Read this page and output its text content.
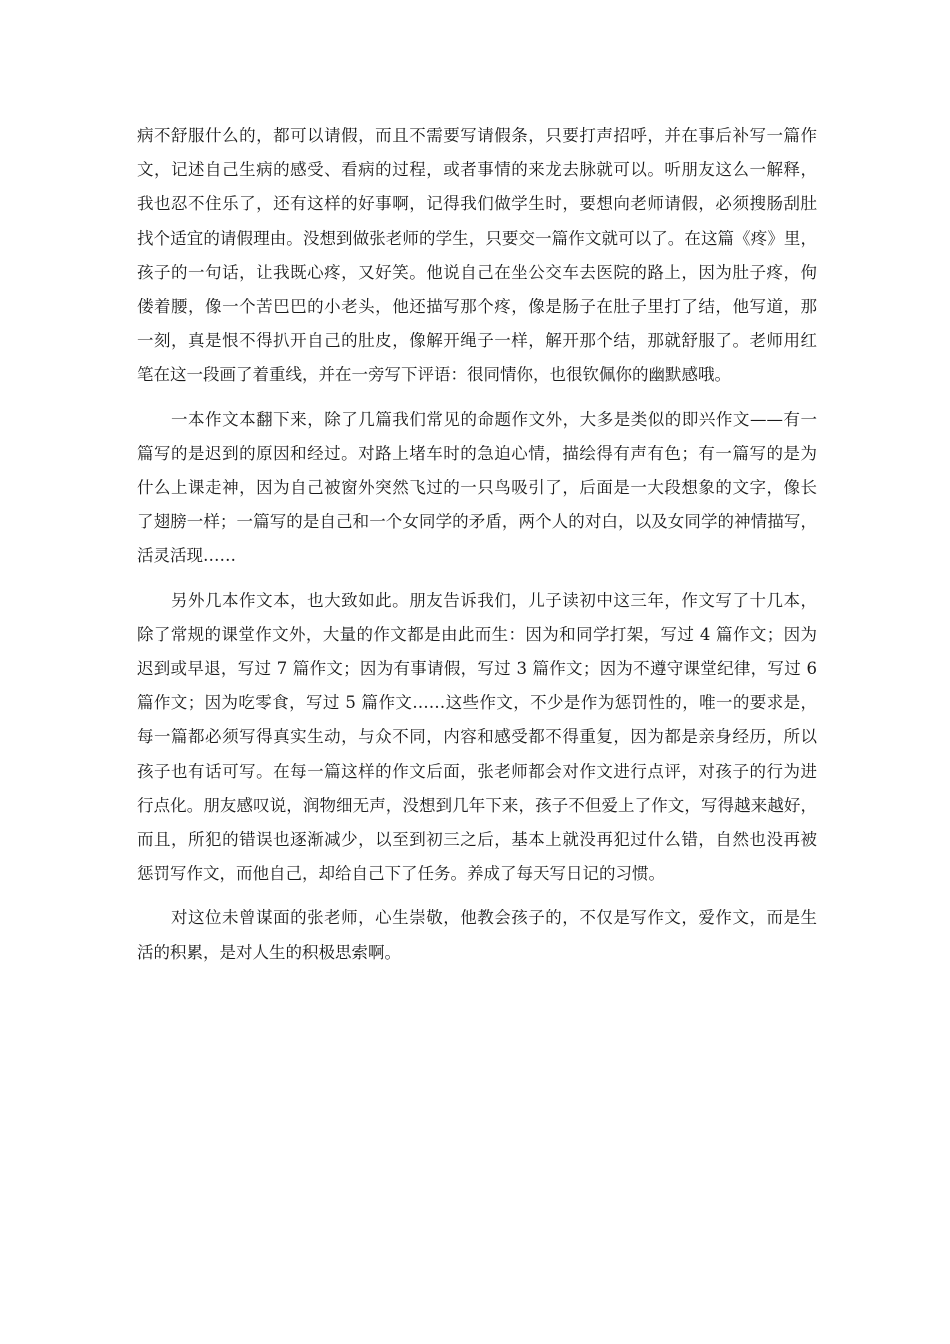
病不舒服什么的，都可以请假，而且不需要写请假条，只要打声招呼，并在事后补写一篇作
文，记述自己生病的感受、看病的过程，或者事情的来龙去脉就可以。听朋友这么一解释，
我也忍不住乐了，还有这样的好事啊，记得我们做学生时，要想向老师请假，必须搜肠刮肚
找个适宜的请假理由。没想到做张老师的学生，只要交一篇作文就可以了。在这篇《疼》里，
孩子的一句话，让我既心疼，又好笑。他说自己在坐公交车去医院的路上，因为肚子疼，佝
偻着腰，像一个苦巴巴的小老头，他还描写那个疼，像是肠子在肚子里打了结，他写道，那
一刻，真是恨不得扒开自己的肚皮，像解开绳子一样，解开那个结，那就舒服了。老师用红
笔在这一段画了着重线，并在一旁写下评语：很同情你，也很钦佩你的幽默感哦。

一本作文本翻下来，除了几篇我们常见的命题作文外，大多是类似的即兴作文——有一
篇写的是迟到的原因和经过。对路上堵车时的急迫心情，描绘得有声有色；有一篇写的是为
什么上课走神，因为自己被窗外突然飞过的一只鸟吸引了，后面是一大段想象的文字，像长
了翅膀一样；一篇写的是自己和一个女同学的矛盾，两个人的对白，以及女同学的神情描写，
活灵活现……

另外几本作文本，也大致如此。朋友告诉我们，儿子读初中这三年，作文写了十几本，
除了常规的课堂作文外，大量的作文都是由此而生：因为和同学打架，写过 4 篇作文；因为
迟到或早退，写过 7 篇作文；因为有事请假，写过 3 篇作文；因为不遵守课堂纪律，写过 6
篇作文；因为吃零食，写过 5 篇作文……这些作文，不少是作为惩罚性的，唯一的要求是，
每一篇都必须写得真实生动，与众不同，内容和感受都不得重复，因为都是亲身经历，所以
孩子也有话可写。在每一篇这样的作文后面，张老师都会对作文进行点评，对孩子的行为进
行点化。朋友感叹说，润物细无声，没想到几年下来，孩子不但爱上了作文，写得越来越好，
而且，所犯的错误也逐渐减少，以至到初三之后，基本上就没再犯过什么错，自然也没再被
惩罚写作文，而他自己，却给自己下了任务。养成了每天写日记的习惯。

对这位未曾谋面的张老师，心生崇敬，他教会孩子的，不仅是写作文，爱作文，而是生
活的积累，是对人生的积极思索啊。
